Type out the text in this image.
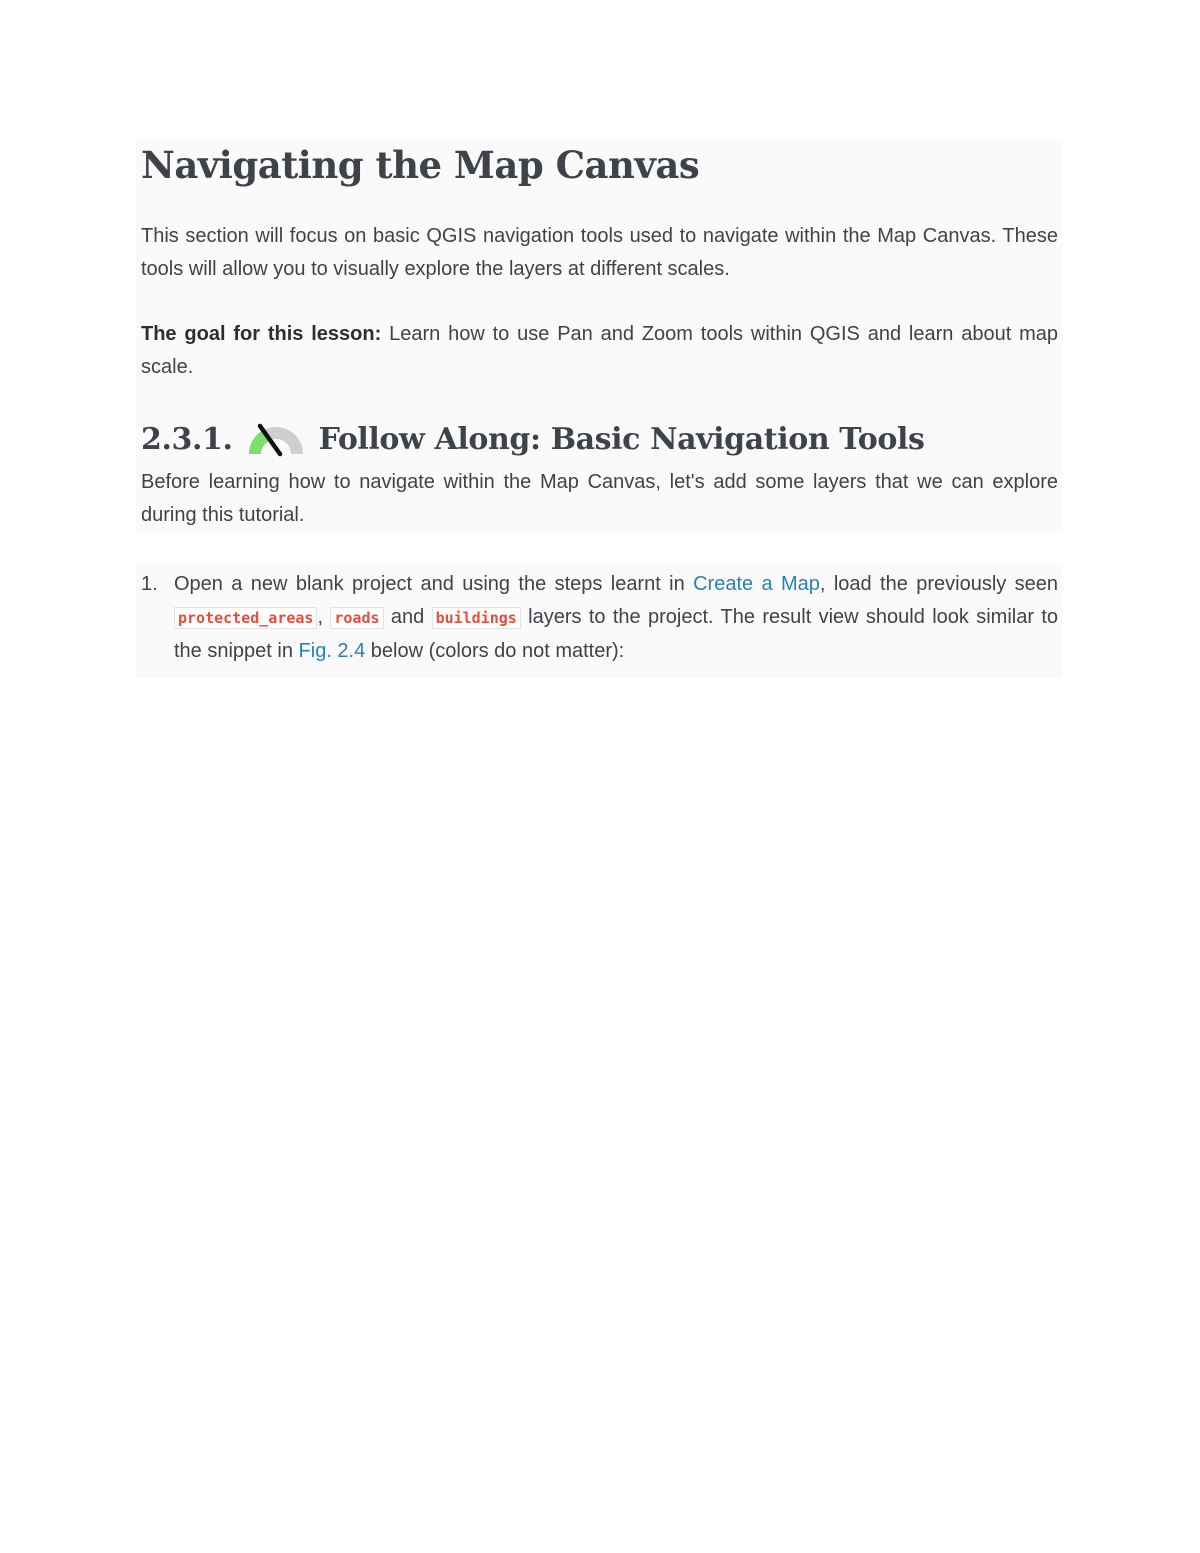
Navigating the Map Canvas

This section will focus on basic QGIS navigation tools used to navigate within the Map Canvas. These tools will allow you to visually explore the layers at different scales.

The goal for this lesson: Learn how to use Pan and Zoom tools within QGIS and learn about map scale.

2.3.1.	Follow Along: Basic Navigation Tools

Before learning how to navigate within the Map Canvas, let's add some layers that we can explore during this tutorial.

1. Open a new blank project and using the steps learnt in Create a Map, load the previously seen protected_areas , roads and buildings layers to the project. The result view should look similar to the snippet in Fig. 2.4 below (colors do not matter):
